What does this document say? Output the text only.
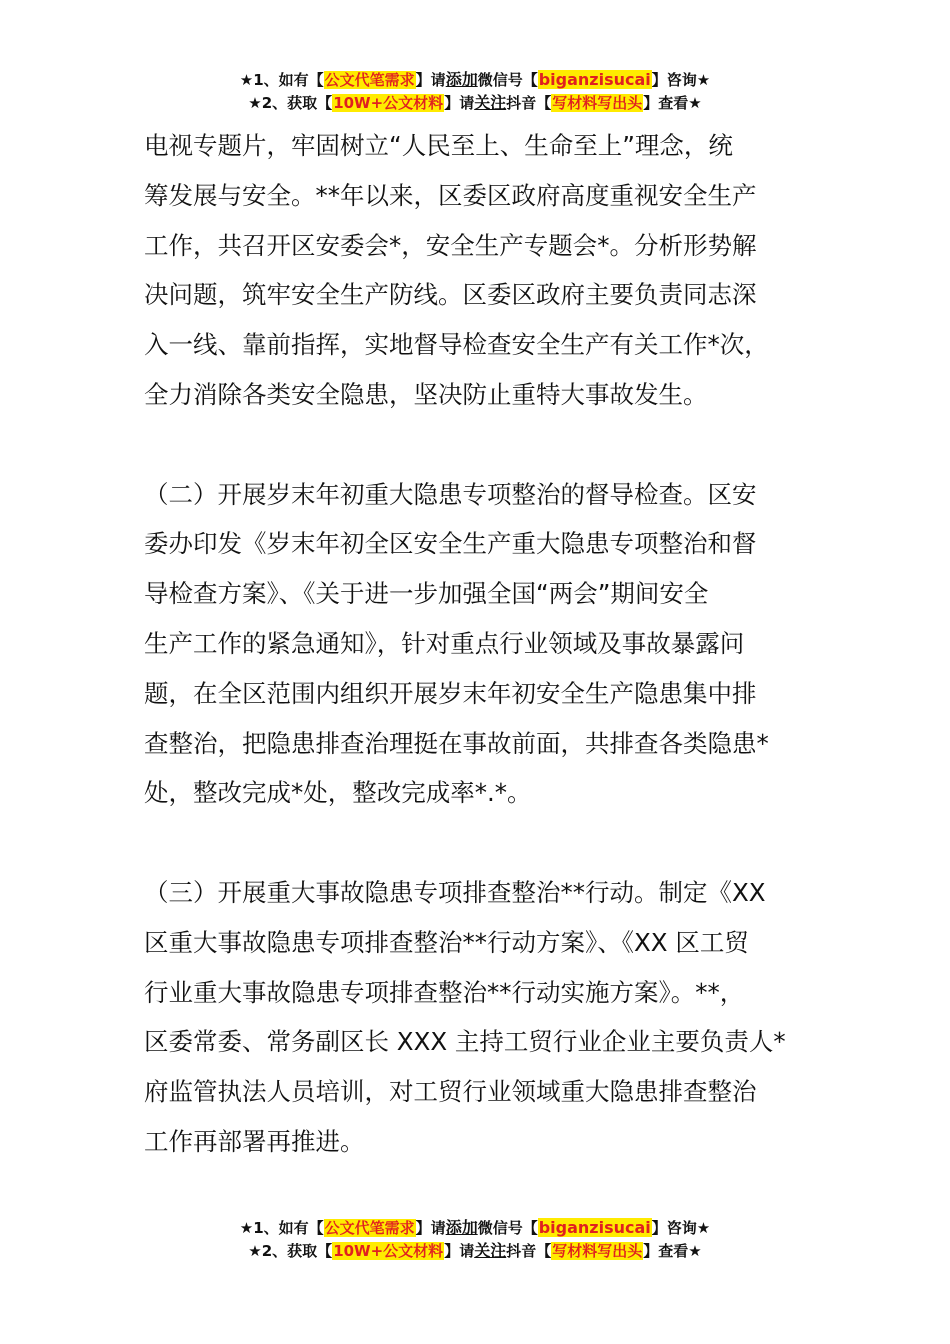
★1、如有【公文代笔需求】请添加微信号【biganzisucai】咨询★
★2、获取【10W+公文材料】请关注抖音【写材料写出头】查看★

电视专题片，牢固树立“人民至上、生命至上”理念，统
筹发展与安全。**年以来，区委区政府高度重视安全生产
工作，共召开区安委会*，安全生产专题会*。分析形势解
决问题，筑牢安全生产防线。区委区政府主要负责同志深
入一线、靠前指挥，实地督导检查安全生产有关工作*次，
全力消除各类安全隐患，坚决防止重特大事故发生。

（二）开展岁末年初重大隐患专项整治的督导检查。区安
委办印发《岁末年初全区安全生产重大隐患专项整治和督
导检查方案》、《关于进一步加强全国“两会”期间安全
生产工作的紧急通知》，针对重点行业领域及事故暴露问
题，在全区范围内组织开展岁末年初安全生产隐患集中排
查整治，把隐患排查治理挺在事故前面，共排查各类隐患*
处，整改完成*处，整改完成率*.*。

（三）开展重大事故隐患专项排查整治**行动。制定《XX
区重大事故隐患专项排查整治**行动方案》、《XX 区工贸
行业重大事故隐患专项排查整治**行动实施方案》。**，
区委常委、常务副区长 XXX 主持工贸行业企业主要负责人*
府监管执法人员培训，对工贸行业领域重大隐患排查整治
工作再部署再推进。

★1、如有【公文代笔需求】请添加微信号【biganzisucai】咨询★
★2、获取【10W+公文材料】请关注抖音【写材料写出头】查看★
